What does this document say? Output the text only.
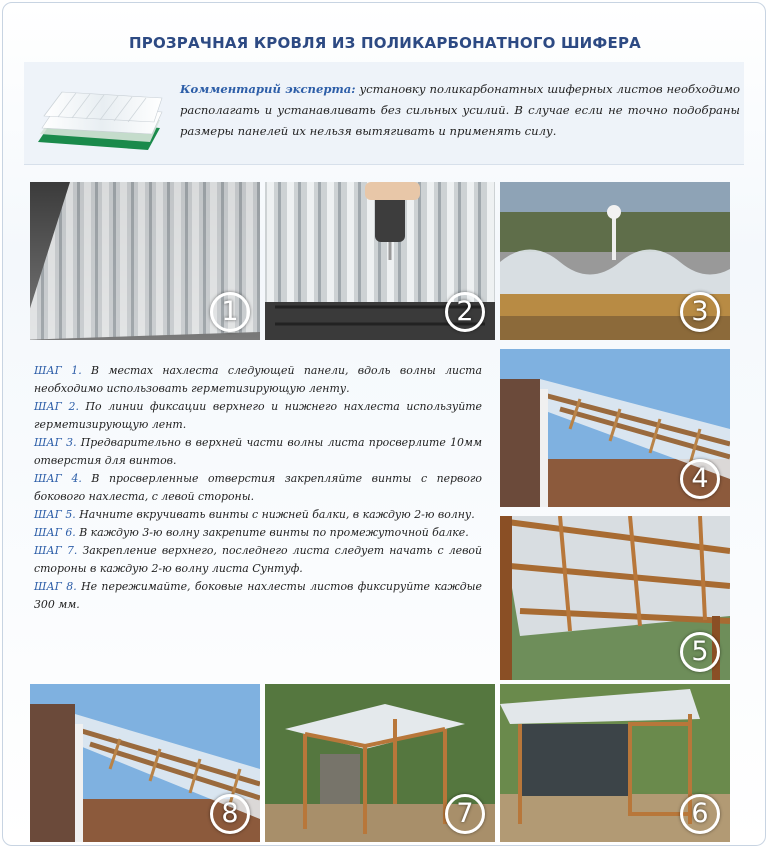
ПРОЗРАЧНАЯ КРОВЛЯ ИЗ ПОЛИКАРБОНАТНОГО ШИФЕРА
Комментарий эксперта: установку поликарбонатных шиферных листов необходимо располагать и устанавливать без сильных усилий. В случае если не точно подобраны размеры панелей их нельзя вытягивать и применять силу.
1	2	3
4
5
6
7
8
ШАГ 1. В местах нахлеста следующей панели, вдоль волны листа необходимо использовать герметизирующую ленту.
ШАГ 2. По линии фиксации верхнего и нижнего нахлеста используйте герметизирующую лент.
ШАГ 3. Предварительно в верхней части волны листа просверлите 10мм отверстия для винтов.
ШАГ 4. В просверленные отверстия закрепляйте винты с первого бокового нахлеста, с левой стороны.
ШАГ 5. Начните вкручивать винты с нижней балки, в каждую 2-ю волну.
ШАГ 6. В каждую 3-ю волну закрепите винты по промежуточной балке.
ШАГ 7. Закрепление верхнего, последнего листа следует начать с левой стороны в каждую 2-ю волну листа Сунтуф.
ШАГ 8. Не пережимайте, боковые нахлесты листов фиксируйте каждые 300 мм.
